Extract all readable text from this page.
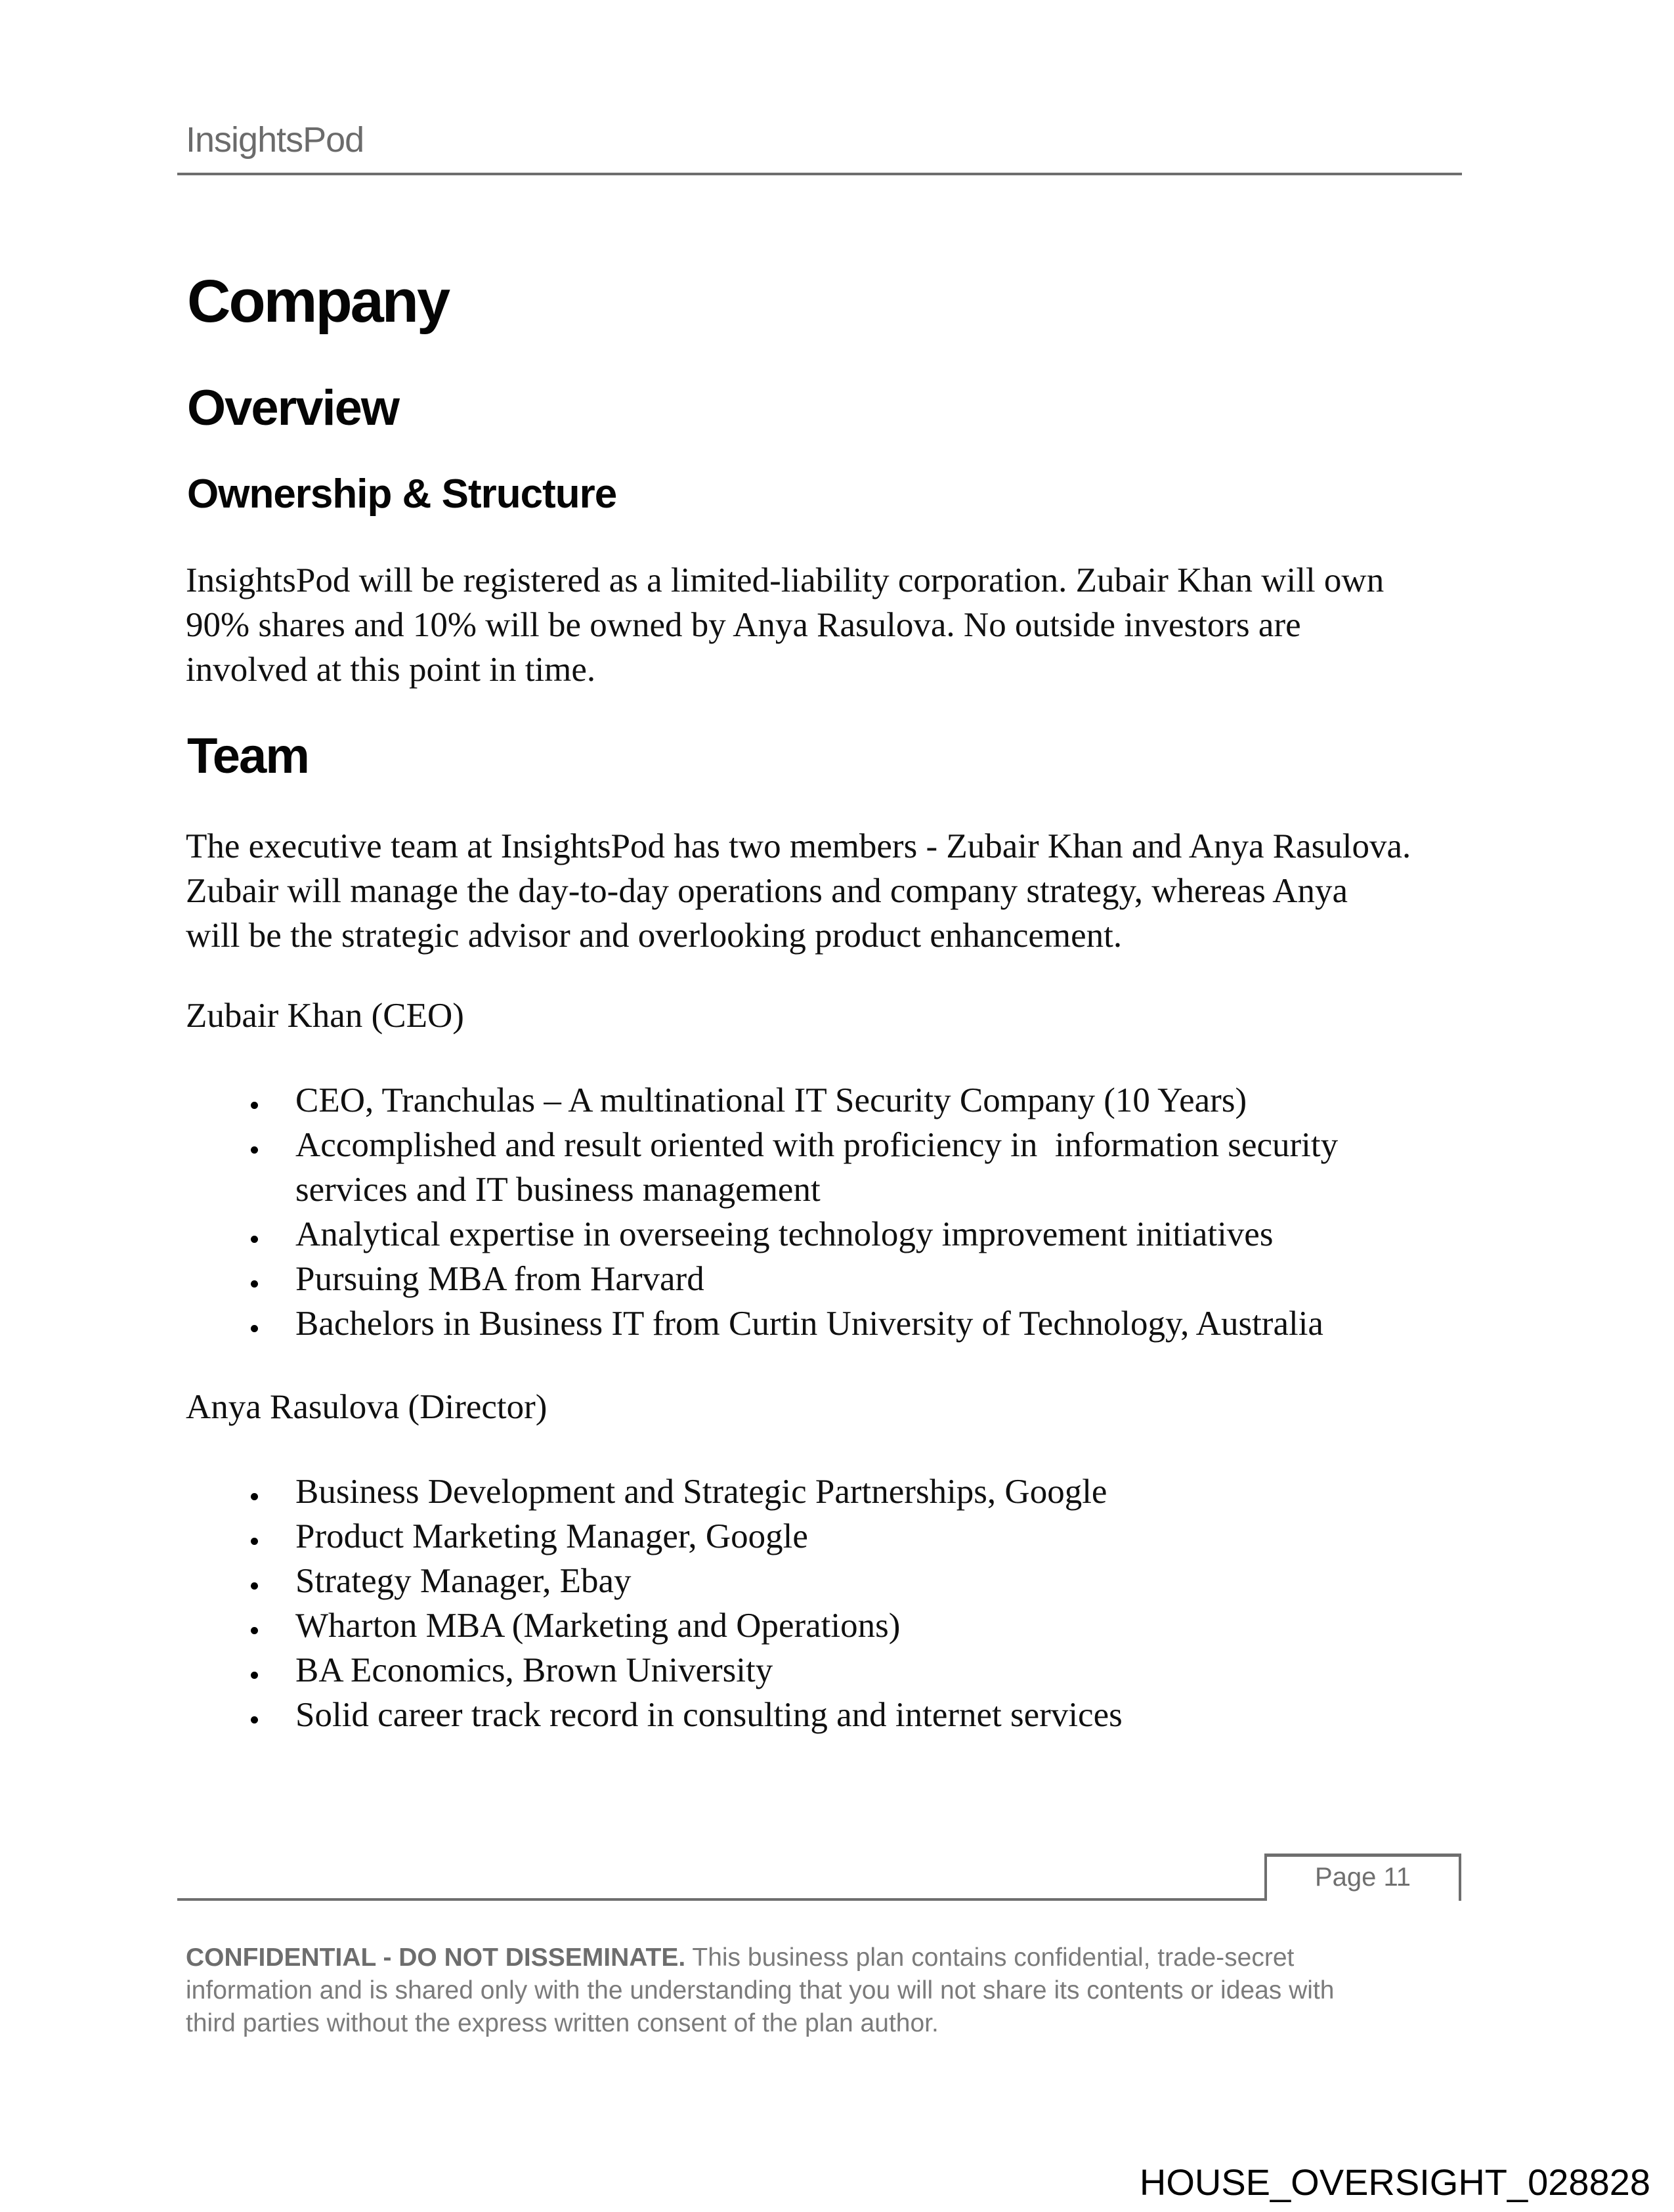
InsightsPod
Company
Overview
Ownership & Structure
InsightsPod will be registered as a limited-liability corporation. Zubair Khan will own
90% shares and 10% will be owned by Anya Rasulova. No outside investors are
involved at this point in time.
Team
The executive team at InsightsPod has two members - Zubair Khan and Anya Rasulova.
Zubair will manage the day-to-day operations and company strategy, whereas Anya
will be the strategic advisor and overlooking product enhancement.
Zubair Khan (CEO)
CEO, Tranchulas – A multinational IT Security Company (10 Years)
Accomplished and result oriented with proficiency in  information security
services and IT business management
Analytical expertise in overseeing technology improvement initiatives
Pursuing MBA from Harvard
Bachelors in Business IT from Curtin University of Technology, Australia
Anya Rasulova (Director)
Business Development and Strategic Partnerships, Google
Product Marketing Manager, Google
Strategy Manager, Ebay
Wharton MBA (Marketing and Operations)
BA Economics, Brown University
Solid career track record in consulting and internet services
Page 11
CONFIDENTIAL - DO NOT DISSEMINATE. This business plan contains confidential, trade-secret
information and is shared only with the understanding that you will not share its contents or ideas with
third parties without the express written consent of the plan author.
HOUSE_OVERSIGHT_028828
